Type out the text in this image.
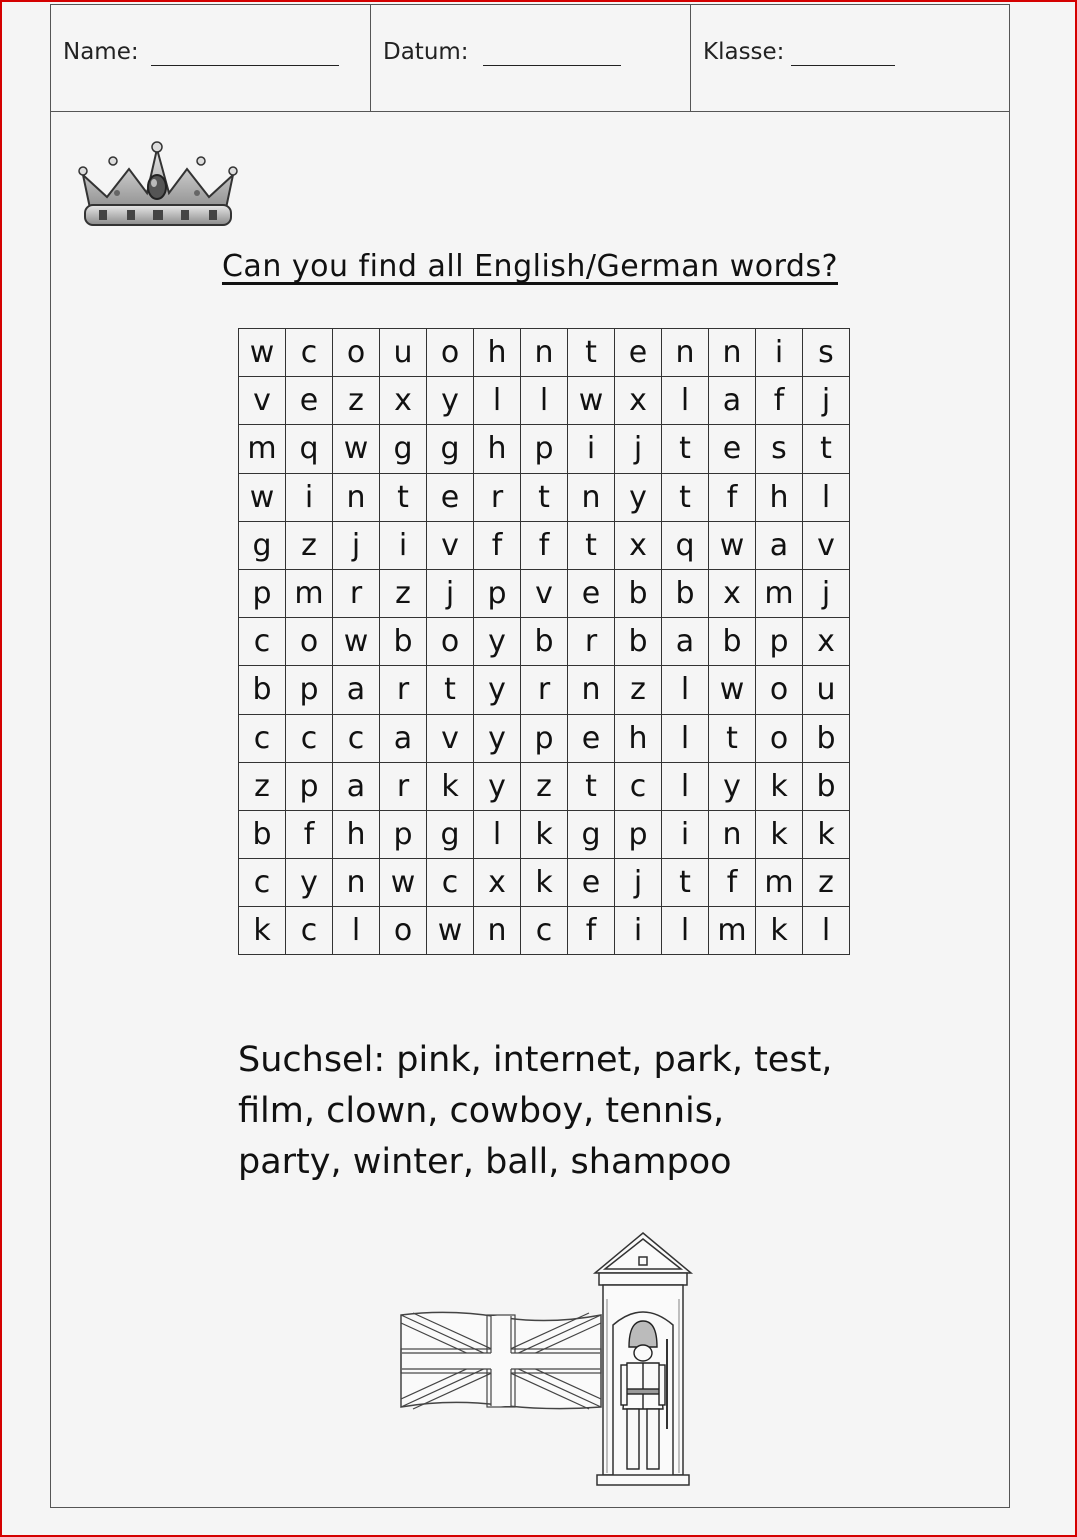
Name:	Datum:	Klasse:
Can you find all English/German words?
w	c	o	u	o	h	n	t	e	n	n	i	s
v	e	z	x	y	l	l	w	x	l	a	f	j
m	q	w	g	g	h	p	i	j	t	e	s	t
w	i	n	t	e	r	t	n	y	t	f	h	l
g	z	j	i	v	f	f	t	x	q	w	a	v
p	m	r	z	j	p	v	e	b	b	x	m	j
c	o	w	b	o	y	b	r	b	a	b	p	x
b	p	a	r	t	y	r	n	z	l	w	o	u
c	c	c	a	v	y	p	e	h	l	t	o	b
z	p	a	r	k	y	z	t	c	l	y	k	b
b	f	h	p	g	l	k	g	p	i	n	k	k
c	y	n	w	c	x	k	e	j	t	f	m	z
k	c	l	o	w	n	c	f	i	l	m	k	l
Suchsel: pink, internet, park, test,
film, clown, cowboy, tennis,
party, winter, ball, shampoo
